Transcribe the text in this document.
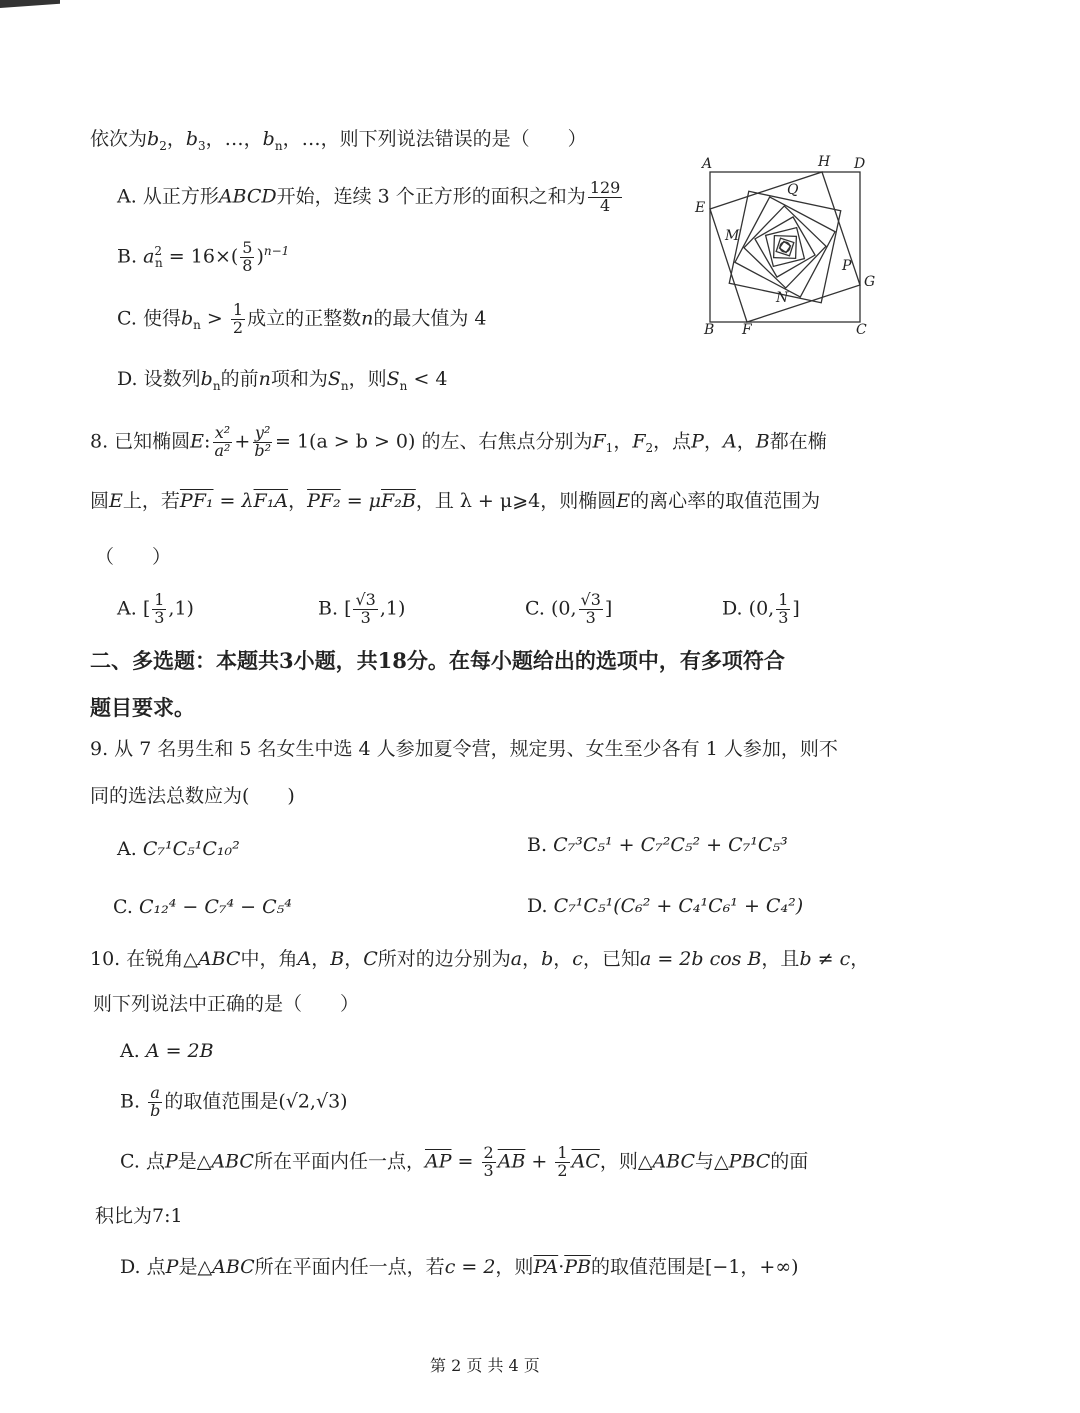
依次为$b_2$，$b_3$，…，$b_n$，…，则下列说法错误的是（　　）
A. 从正方形ABCD开始，连续 3 个正方形的面积之和为 $\frac{129}{4}$
B. $a^2_n = 16\times( \frac{5}{8} )^{n-1}$
C. 使得$b_n > \frac{1}{2}$ 成立的正整数n的最大值为 4
D. 设数列$b_n$的前n项和为$S_n$，则$S_n < 4$
A	H D
E
Q
M
P
G
N
B F	C
8. 已知椭圆E: $\frac{\text{x²}}{\text{a²}} + \frac{\text{y²}}{\text{b²}} = 1(a > b > 0)$ 的左、右焦点分别为$F_1$，$F_2$，点P，A，B都在椭
圆E上，若PF₁ = λF₁A，PF₂ = μF₂B，且 λ + μ⩾4，则椭圆E的离心率的取值范围为
（　　）
A. [ $\frac{1}{3} ,1$)	B. [ $\frac{√3}{3} ,1$)	C. (0, $\frac{√3}{3}$ ]	D. (0, $\frac{1}{3}$ ]
二、多选题：本题共3小题，共18分。在每小题给出的选项中，有多项符合
题目要求。
9. 从 7 名男生和 5 名女生中选 4 人参加夏令营，规定男、女生至少各有 1 人参加，则不
同的选法总数应为(　　)
A. C₇¹C₅¹C₁₀²	B. C₇³C₅¹ + C₇²C₅² + C₇¹C₅³
C. C₁₂⁴ − C₇⁴ − C₅⁴	D. C₇¹C₅¹(C₆² + C₄¹C₆¹ + C₄²)
10. 在锐角△ABC中，角A，B，C所对的边分别为a，b，c，已知a = 2b cos B，且b ≠ c，
则下列说法中正确的是（　　）
A. A = 2B
B. $\frac{a}{b}$ 的取值范围是(√2,√3)
C. 点P是△ABC所在平面内任一点，$\overline{AP} = \frac{2}{3} \overline{AB} + \frac{1}{2} \overline{AC}$，则△ABC与△PBC的面
积比为7:1
D. 点P是△ABC所在平面内任一点，若c = 2，则$\overline{PA}\cdot\overline{PB}$的取值范围是[−1，+∞)
第 2 页 共 4 页
